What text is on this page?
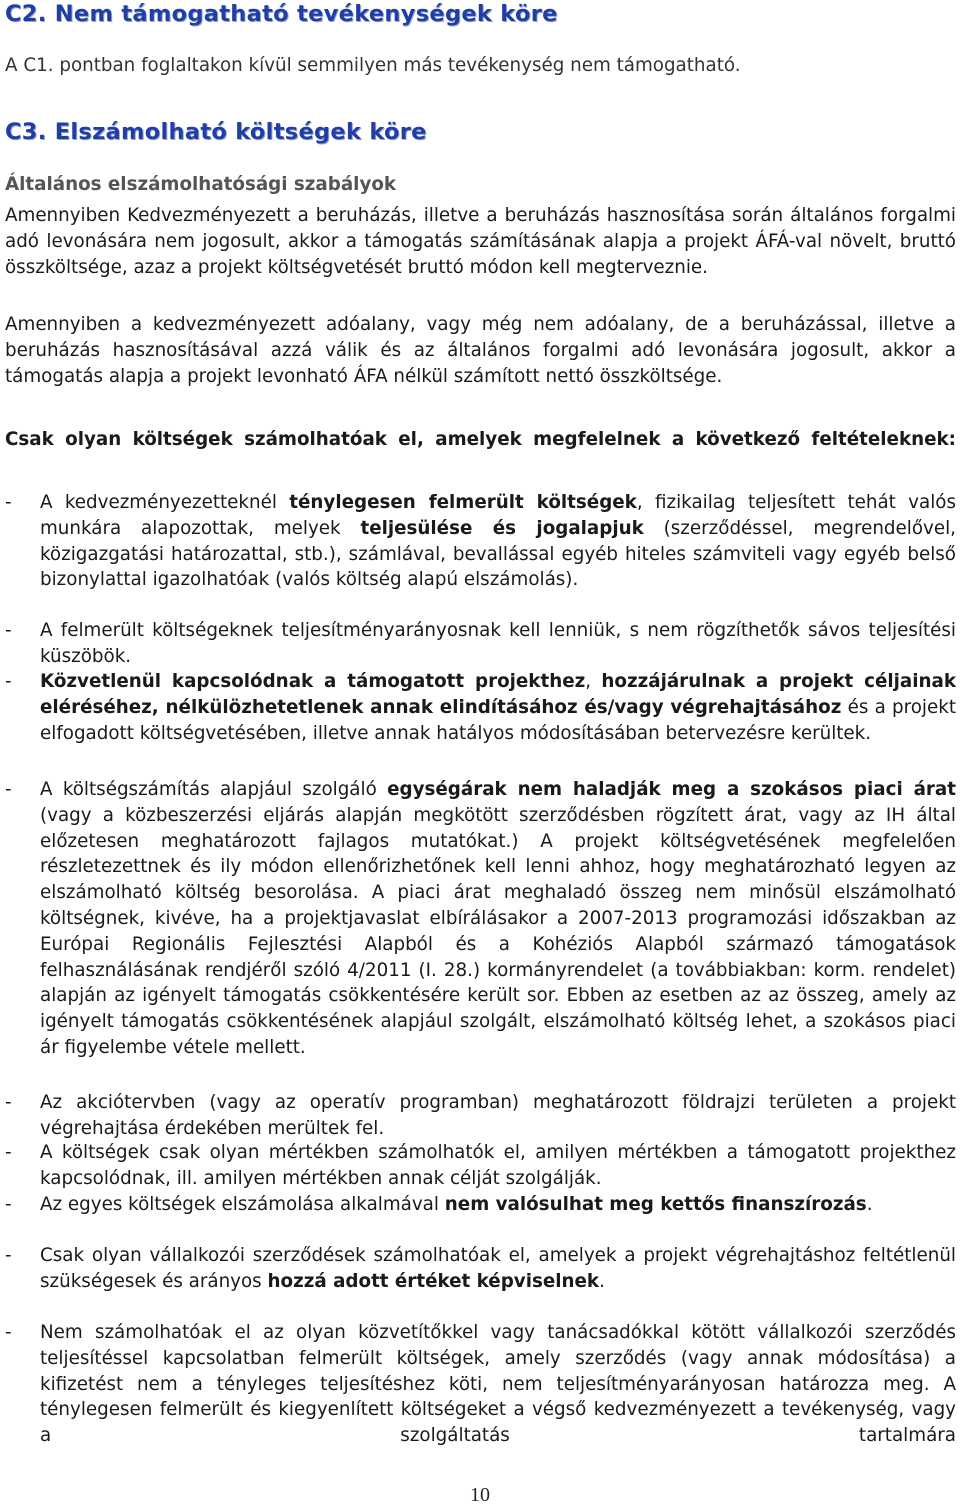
C2. Nem támogatható tevékenységek köre

A C1. pontban foglaltakon kívül semmilyen más tevékenység nem támogatható.

C3. Elszámolható költségek köre
Általános elszámolhatósági szabályok

Amennyiben Kedvezményezett a beruházás, illetve a beruházás hasznosítása során általános forgalmi adó levonására nem jogosult, akkor a támogatás számításának alapja a projekt ÁFÁ-val növelt, bruttó összköltsége, azaz a projekt költségvetését bruttó módon kell megterveznie.

Amennyiben a kedvezményezett adóalany, vagy még nem adóalany, de a beruházással, illetve a beruházás hasznosításával azzá válik és az általános forgalmi adó levonására jogosult, akkor a támogatás alapja a projekt levonható ÁFA nélkül számított nettó összköltsége.

Csak olyan költségek számolhatóak el, amelyek megfelelnek a következő feltételeknek:

-	A kedvezményezetteknél ténylegesen felmerült költségek, fizikailag teljesített tehát valós munkára alapozottak, melyek teljesülése és jogalapjuk (szerződéssel, megrendelővel, közigazgatási határozattal, stb.), számlával, bevallással egyéb hiteles számviteli vagy egyéb belső bizonylattal igazolhatóak (valós költség alapú elszámolás).

-	A felmerült költségeknek teljesítményarányosnak kell lenniük, s nem rögzíthetők sávos teljesítési küszöbök.

-	Közvetlenül kapcsolódnak a támogatott projekthez, hozzájárulnak a projekt céljainak eléréséhez, nélkülözhetetlenek annak elindításához és/vagy végrehajtásához és a projekt elfogadott költségvetésében, illetve annak hatályos módosításában betervezésre kerültek.

-	A költségszámítás alapjául szolgáló egységárak nem haladják meg a szokásos piaci árat (vagy a közbeszerzési eljárás alapján megkötött szerződésben rögzített árat, vagy az IH által előzetesen meghatározott fajlagos mutatókat.) A projekt költségvetésének megfelelően részletezettnek és ily módon ellenőrizhetőnek kell lenni ahhoz, hogy meghatározható legyen az elszámolható költség besorolása. A piaci árat meghaladó összeg nem minősül elszámolható költségnek, kivéve, ha a projektjavaslat elbírálásakor a 2007-2013 programozási időszakban az Európai Regionális Fejlesztési Alapból és a Kohéziós Alapból származó támogatások felhasználásának rendjéről szóló 4/2011 (I. 28.) kormányrendelet (a továbbiakban: korm. rendelet) alapján az igényelt támogatás csökkentésére került sor. Ebben az esetben az az összeg, amely az igényelt támogatás csökkentésének alapjául szolgált, elszámolható költség lehet, a szokásos piaci ár figyelembe vétele mellett.

-	Az akciótervben (vagy az operatív programban) meghatározott földrajzi területen a projekt végrehajtása érdekében merültek fel.

-	A költségek csak olyan mértékben számolhatók el, amilyen mértékben a támogatott projekthez kapcsolódnak, ill. amilyen mértékben annak célját szolgálják.

-	Az egyes költségek elszámolása alkalmával nem valósulhat meg kettős finanszírozás.

-	Csak olyan vállalkozói szerződések számolhatóak el, amelyek a projekt végrehajtáshoz feltétlenül szükségesek és arányos hozzá adott értéket képviselnek.

-	Nem számolhatóak el az olyan közvetítőkkel vagy tanácsadókkal kötött vállalkozói szerződés teljesítéssel kapcsolatban felmerült költségek, amely szerződés (vagy annak módosítása) a kifizetést nem a tényleges teljesítéshez köti, nem teljesítményarányosan határozza meg. A ténylegesen felmerült és kiegyenlített költségeket a végső kedvezményezett a tevékenység, vagy a szolgáltatás tartalmára

10
